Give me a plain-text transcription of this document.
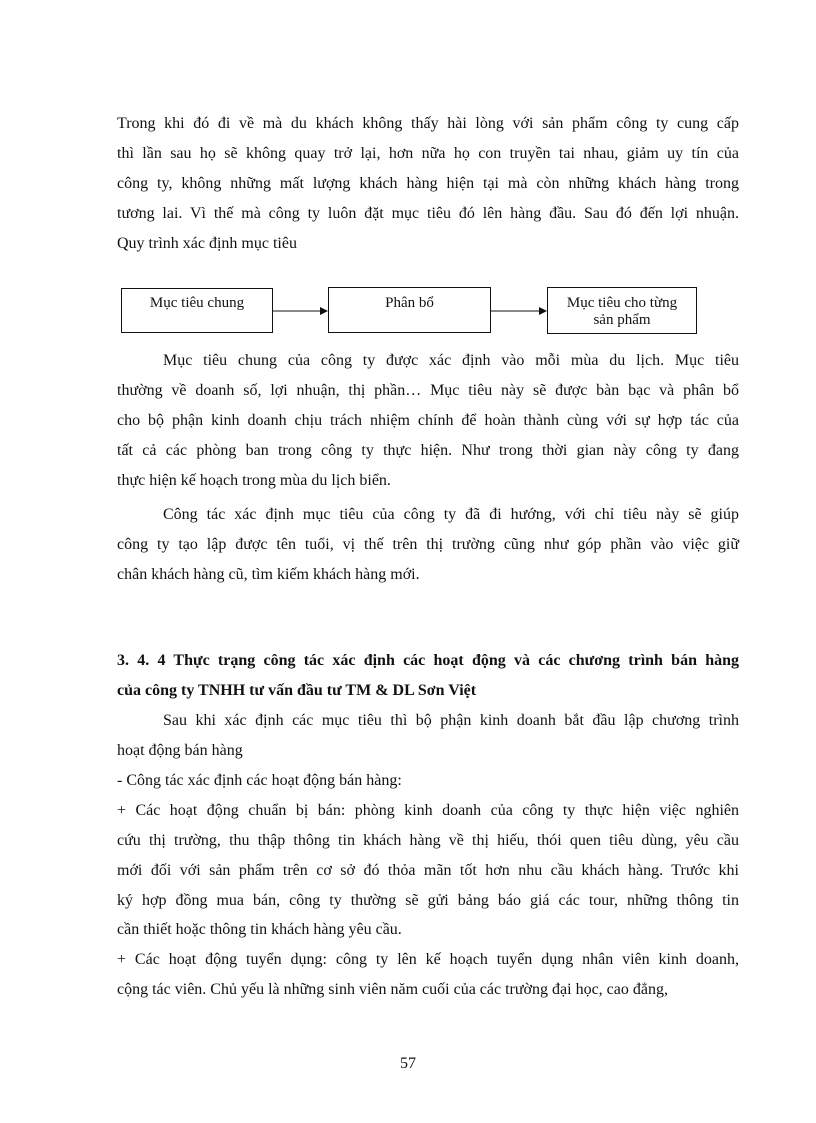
Trong khi đó đi về mà du khách không thấy hài lòng với sản phẩm công ty cung cấp
thì lần sau họ sẽ không quay trở lại, hơn nữa họ con truyền tai nhau, giảm uy tín của
công ty, không những mất lượng khách hàng hiện tại mà còn những khách hàng trong
tương lai. Vì thế mà công ty luôn đặt mục tiêu đó lên hàng đầu. Sau đó đến lợi nhuận.
Quy trình xác định mục tiêu
Mục tiêu chung	Phân bổ	Mục tiêu cho từng
sản phẩm
Mục tiêu chung của công ty được xác định vào mỗi mùa du lịch. Mục tiêu
thường về doanh số, lợi nhuận, thị phần… Mục tiêu này sẽ được bàn bạc và phân bổ
cho bộ phận kinh doanh chịu trách nhiệm chính để hoàn thành cùng với sự hợp tác của
tất cả các phòng ban trong công ty thực hiện. Như trong thời gian này công ty đang
thực hiện kế hoạch trong mùa du lịch biển.
Công tác xác định mục tiêu của công ty đã đi hướng, với chỉ tiêu này sẽ giúp
công ty tạo lập được tên tuổi, vị thế trên thị trường cũng như góp phần vào việc giữ
chân khách hàng cũ, tìm kiếm khách hàng mới.
3. 4. 4 Thực trạng công tác xác định các hoạt động và các chương trình bán hàng
của công ty TNHH tư vấn đầu tư TM & DL Sơn Việt
Sau khi xác định các mục tiêu thì bộ phận kinh doanh bắt đầu lập chương trình
hoạt động bán hàng
- Công tác xác định các hoạt động bán hàng:
+ Các hoạt động chuẩn bị bán: phòng kinh doanh của công ty thực hiện việc nghiên
cứu thị trường, thu thập thông tin khách hàng về thị hiếu, thói quen tiêu dùng, yêu cầu
mới đối với sản phẩm trên cơ sở đó thỏa mãn tốt hơn nhu cầu khách hàng. Trước khi
ký hợp đồng mua bán, công ty thường sẽ gửi bảng báo giá các tour, những thông tin
cần thiết hoặc thông tin khách hàng yêu cầu.
+ Các hoạt động tuyển dụng: công ty lên kế hoạch tuyển dụng nhân viên kinh doanh,
cộng tác viên. Chủ yếu là những sinh viên năm cuối của các trường đại học, cao đẳng,
57
